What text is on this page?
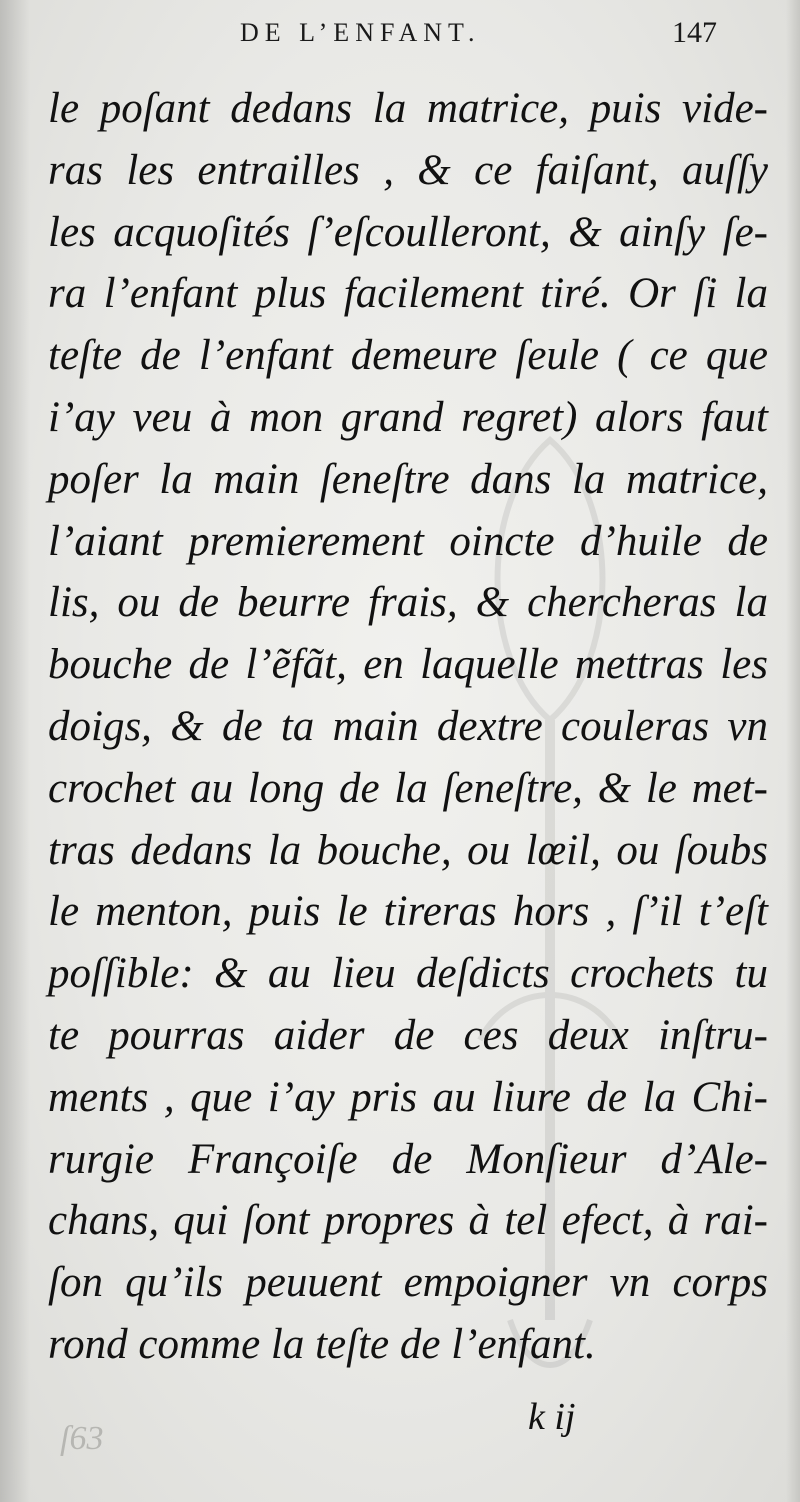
DE L’ENFANT.	147
le poſant dedans la matrice, puis vide-
ras les entrailles , & ce faiſant, auſſy
les acquoſités ſ’eſcoulleront, & ainſy ſe-
ra l’enfant plus facilement tiré. Or ſi la
teſte de l’enfant demeure ſeule ( ce que
i’ay veu à mon grand regret) alors faut
poſer la main ſeneſtre dans la matrice,
l’aiant premierement oincte d’huile de
lis, ou de beurre frais, & chercheras la
bouche de l’ẽfãt, en laquelle mettras les
doigs, & de ta main dextre couleras vn
crochet au long de la ſeneſtre, & le met-
tras dedans la bouche, ou lœil, ou ſoubs
le menton, puis le tireras hors , ſ’il t’eſt
poſſible: & au lieu deſdicts crochets tu
te pourras aider de ces deux inſtru-
ments , que i’ay pris au liure de la Chi-
rurgie Françoiſe de Monſieur d’Ale-
chans, qui ſont propres à tel efect, à rai-
ſon qu’ils peuuent empoigner vn corps
rond comme la teſte de l’enfant.
ſ63
k ij
